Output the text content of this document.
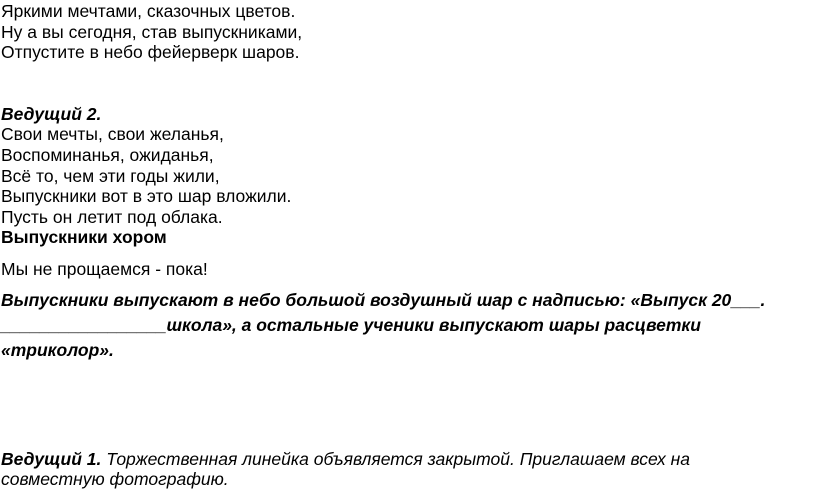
Яркими мечтами, сказочных цветов.
Ну а вы сегодня, став выпускниками,
Отпустите в небо фейерверк шаров.
Ведущий 2.
Свои мечты, свои желанья,
Воспоминанья, ожиданья,
Всё то, чем эти годы жили,
Выпускники вот в это шар вложили.
Пусть он летит под облака.
Выпускники хором
Мы не прощаемся - пока!
Выпускники выпускают в небо большой воздушный шар с надписью: «Выпуск 20___.
_________________школа», а остальные ученики выпускают шары расцветки
«триколор».
Ведущий 1. Торжественная линейка объявляется закрытой. Приглашаем всех на
совместную фотографию.
